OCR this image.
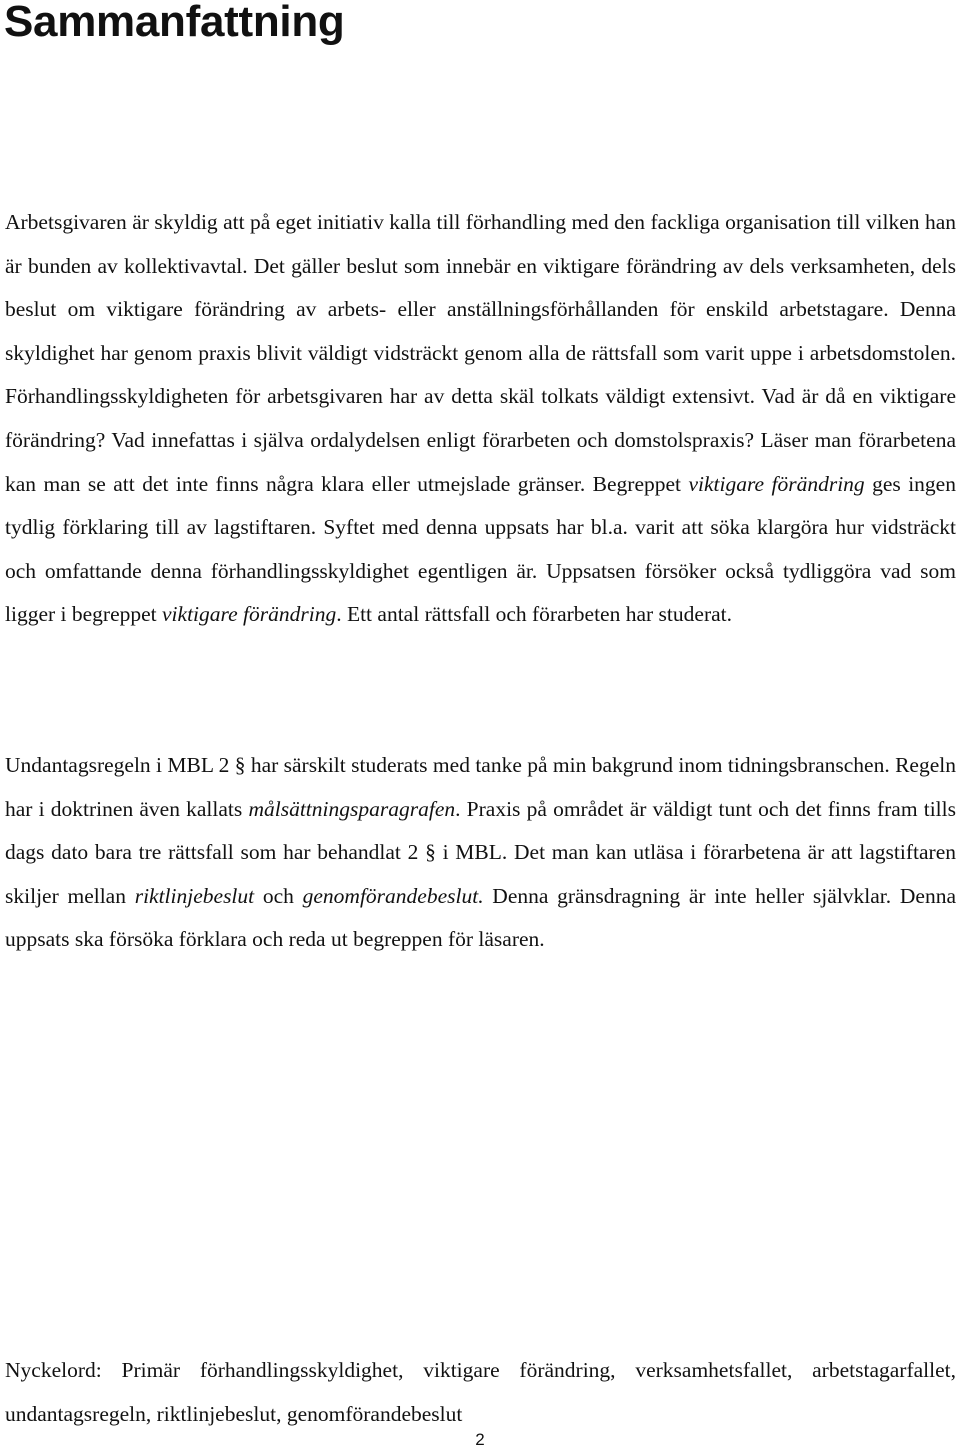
Sammanfattning

Arbetsgivaren är skyldig att på eget initiativ kalla till förhandling med den fackliga organisation till vilken han är bunden av kollektivavtal. Det gäller beslut som innebär en viktigare förändring av dels verksamheten, dels beslut om viktigare förändring av arbets- eller anställningsförhållanden för enskild arbetstagare. Denna skyldighet har genom praxis blivit väldigt vidsträckt genom alla de rättsfall som varit uppe i arbetsdomstolen. Förhandlingsskyldigheten för arbetsgivaren har av detta skäl tolkats väldigt extensivt. Vad är då en viktigare förändring? Vad innefattas i själva ordalydelsen enligt förarbeten och domstolspraxis? Läser man förarbetena kan man se att det inte finns några klara eller utmejslade gränser. Begreppet viktigare förändring ges ingen tydlig förklaring till av lagstiftaren. Syftet med denna uppsats har bl.a. varit att söka klargöra hur vidsträckt och omfattande denna förhandlingsskyldighet egentligen är. Uppsatsen försöker också tydliggöra vad som ligger i begreppet viktigare förändring. Ett antal rättsfall och förarbeten har studerat.

Undantagsregeln i MBL 2 § har särskilt studerats med tanke på min bakgrund inom tidningsbranschen. Regeln har i doktrinen även kallats målsättningsparagrafen. Praxis på området är väldigt tunt och det finns fram tills dags dato bara tre rättsfall som har behandlat 2 § i MBL. Det man kan utläsa i förarbetena är att lagstiftaren skiljer mellan riktlinjebeslut och genomförandebeslut. Denna gränsdragning är inte heller självklar. Denna uppsats ska försöka förklara och reda ut begreppen för läsaren.

Nyckelord: Primär förhandlingsskyldighet, viktigare förändring, verksamhetsfallet, arbetstagarfallet, undantagsregeln, riktlinjebeslut, genomförandebeslut

2
